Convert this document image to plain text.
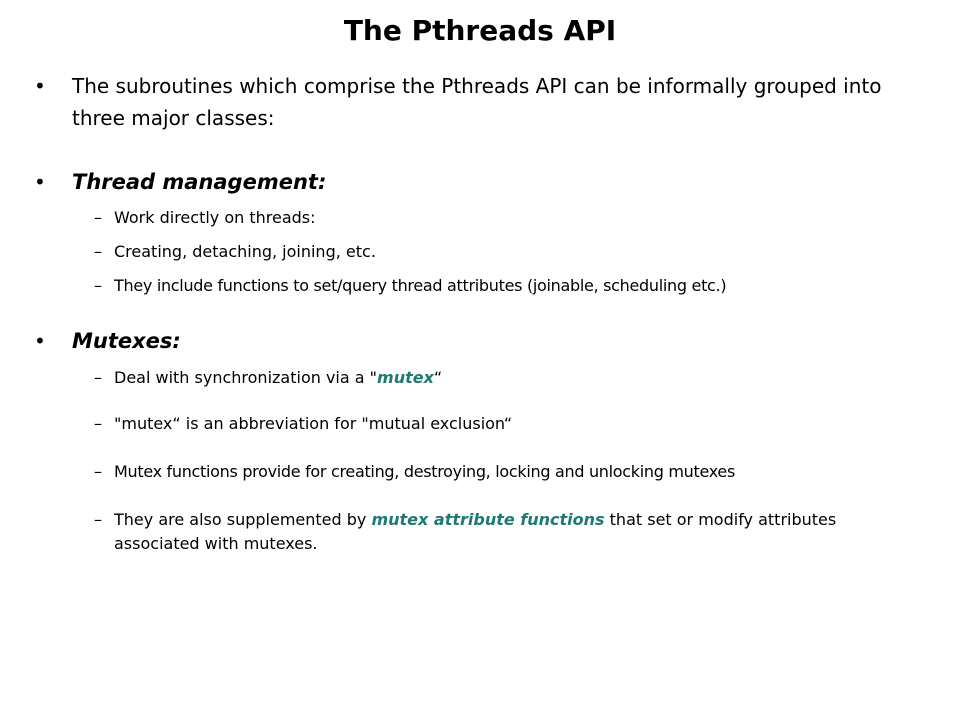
The Pthreads API
•	The subroutines which comprise the Pthreads API can be informally grouped into three major classes:
•	Thread management:
– Work directly on threads:
– Creating, detaching, joining, etc.
– They include functions to set/query thread attributes (joinable, scheduling etc.)
•	Mutexes:
– Deal with synchronization via a "mutex“
– "mutex“ is an abbreviation for "mutual exclusion“
– Mutex functions provide for creating, destroying, locking and unlocking mutexes
– They are also supplemented by mutex attribute functions that set or modify attributes associated with mutexes.
